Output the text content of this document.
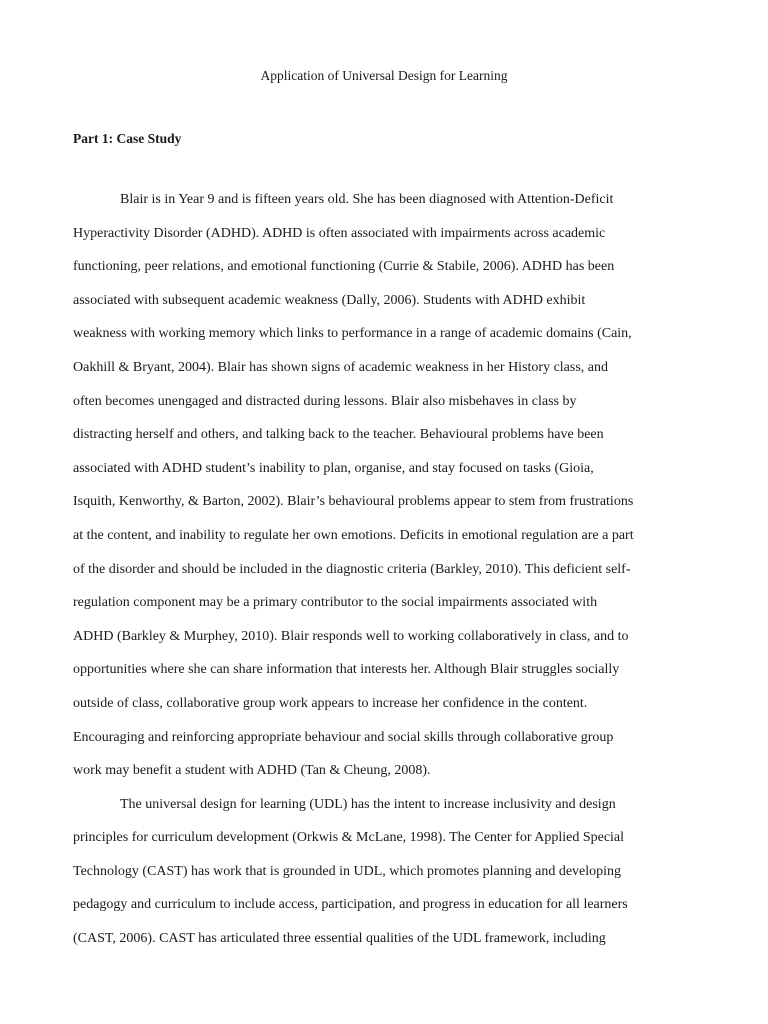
Application of Universal Design for Learning
Part 1: Case Study
Blair is in Year 9 and is fifteen years old. She has been diagnosed with Attention-Deficit
Hyperactivity Disorder (ADHD). ADHD is often associated with impairments across academic
functioning, peer relations, and emotional functioning (Currie & Stabile, 2006). ADHD has been
associated with subsequent academic weakness (Dally, 2006). Students with ADHD exhibit
weakness with working memory which links to performance in a range of academic domains (Cain,
Oakhill & Bryant, 2004). Blair has shown signs of academic weakness in her History class, and
often becomes unengaged and distracted during lessons. Blair also misbehaves in class by
distracting herself and others, and talking back to the teacher. Behavioural problems have been
associated with ADHD student’s inability to plan, organise, and stay focused on tasks (Gioia,
Isquith, Kenworthy, & Barton, 2002). Blair’s behavioural problems appear to stem from frustrations
at the content, and inability to regulate her own emotions. Deficits in emotional regulation are a part
of the disorder and should be included in the diagnostic criteria (Barkley, 2010). This deficient self-
regulation component may be a primary contributor to the social impairments associated with
ADHD (Barkley & Murphey, 2010). Blair responds well to working collaboratively in class, and to
opportunities where she can share information that interests her. Although Blair struggles socially
outside of class, collaborative group work appears to increase her confidence in the content.
Encouraging and reinforcing appropriate behaviour and social skills through collaborative group
work may benefit a student with ADHD (Tan & Cheung, 2008).
The universal design for learning (UDL) has the intent to increase inclusivity and design
principles for curriculum development (Orkwis & McLane, 1998). The Center for Applied Special
Technology (CAST) has work that is grounded in UDL, which promotes planning and developing
pedagogy and curriculum to include access, participation, and progress in education for all learners
(CAST, 2006). CAST has articulated three essential qualities of the UDL framework, including
